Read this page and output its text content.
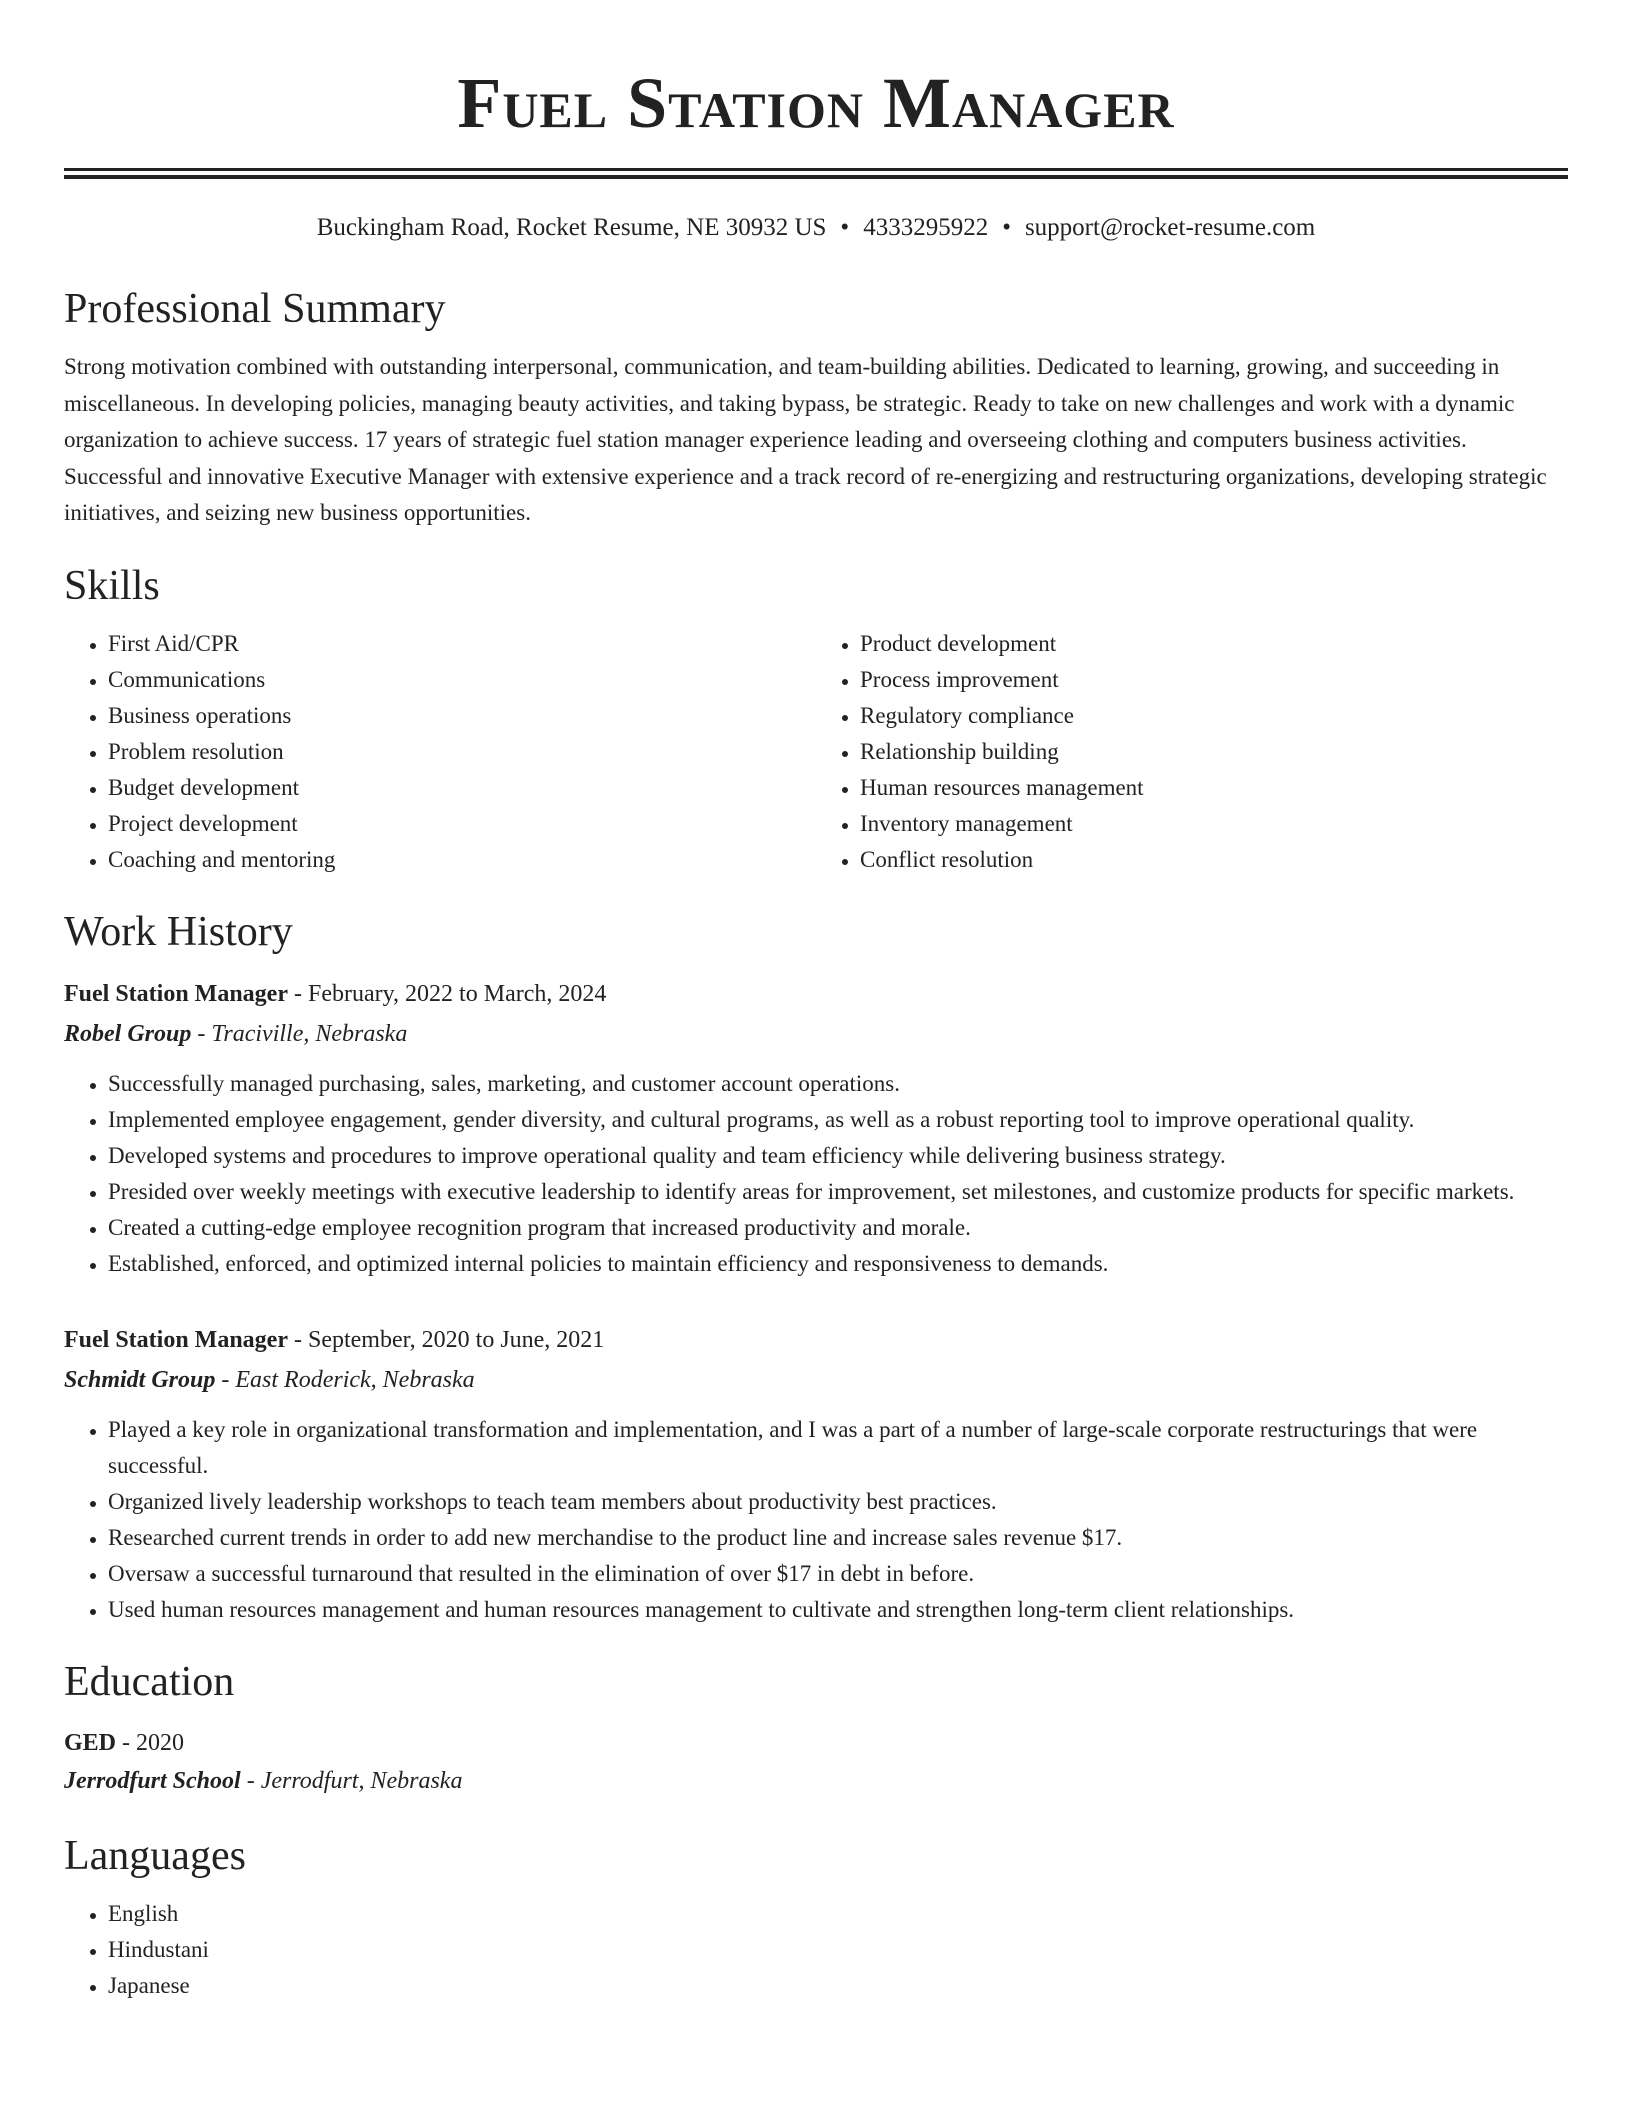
Fuel Station Manager
Buckingham Road, Rocket Resume, NE 30932 US • 4333295922 • support@rocket-resume.com
Professional Summary
Strong motivation combined with outstanding interpersonal, communication, and team-building abilities. Dedicated to learning, growing, and succeeding in miscellaneous. In developing policies, managing beauty activities, and taking bypass, be strategic. Ready to take on new challenges and work with a dynamic organization to achieve success. 17 years of strategic fuel station manager experience leading and overseeing clothing and computers business activities. Successful and innovative Executive Manager with extensive experience and a track record of re-energizing and restructuring organizations, developing strategic initiatives, and seizing new business opportunities.
Skills
• First Aid/CPR
• Communications
• Business operations
• Problem resolution
• Budget development
• Project development
• Coaching and mentoring
• Product development
• Process improvement
• Regulatory compliance
• Relationship building
• Human resources management
• Inventory management
• Conflict resolution
Work History
Fuel Station Manager - February, 2022 to March, 2024
Robel Group - Traciville, Nebraska
• Successfully managed purchasing, sales, marketing, and customer account operations.
• Implemented employee engagement, gender diversity, and cultural programs, as well as a robust reporting tool to improve operational quality.
• Developed systems and procedures to improve operational quality and team efficiency while delivering business strategy.
• Presided over weekly meetings with executive leadership to identify areas for improvement, set milestones, and customize products for specific markets.
• Created a cutting-edge employee recognition program that increased productivity and morale.
• Established, enforced, and optimized internal policies to maintain efficiency and responsiveness to demands.
Fuel Station Manager - September, 2020 to June, 2021
Schmidt Group - East Roderick, Nebraska
• Played a key role in organizational transformation and implementation, and I was a part of a number of large-scale corporate restructurings that were successful.
• Organized lively leadership workshops to teach team members about productivity best practices.
• Researched current trends in order to add new merchandise to the product line and increase sales revenue $17.
• Oversaw a successful turnaround that resulted in the elimination of over $17 in debt in before.
• Used human resources management and human resources management to cultivate and strengthen long-term client relationships.
Education
GED - 2020
Jerrodfurt School - Jerrodfurt, Nebraska
Languages
• English
• Hindustani
• Japanese
